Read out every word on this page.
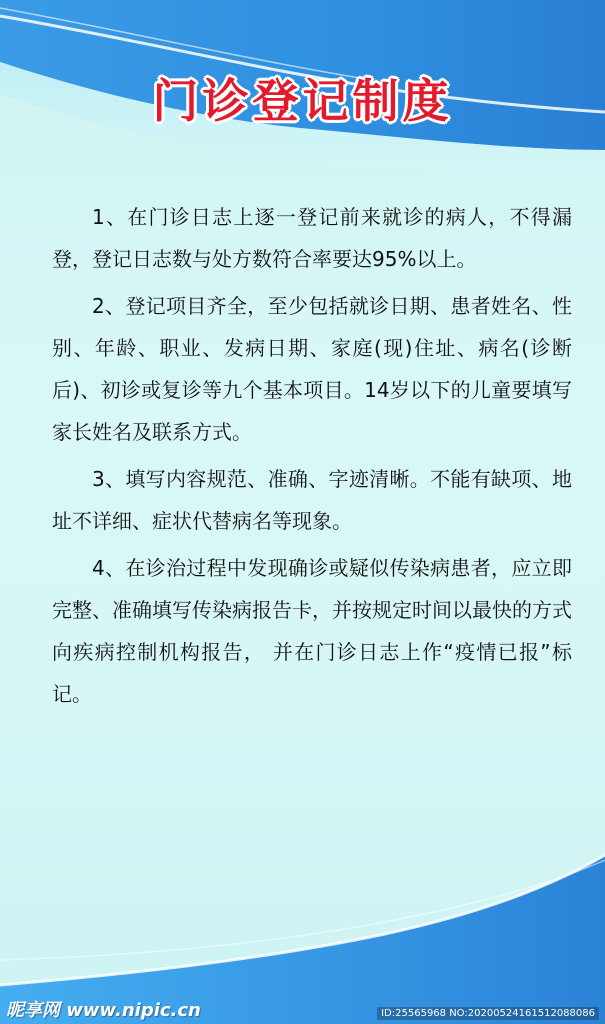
门诊登记制度

1、在门诊日志上逐一登记前来就诊的病人，不得漏登，登记日志数与处方数符合率要达95%以上。

2、登记项目齐全，至少包括就诊日期、患者姓名、性别、年龄、职业、发病日期、家庭(现)住址、病名(诊断后)、初诊或复诊等九个基本项目。14岁以下的儿童要填写家长姓名及联系方式。

3、填写内容规范、准确、字迹清晰。不能有缺项、地址不详细、症状代替病名等现象。

4、在诊治过程中发现确诊或疑似传染病患者，应立即完整、准确填写传染病报告卡，并按规定时间以最快的方式向疾病控制机构报告， 并在门诊日志上作“疫情已报”标记。

昵享网 www.nipic.cn	ID:25565968 NO:20200524161512088086
